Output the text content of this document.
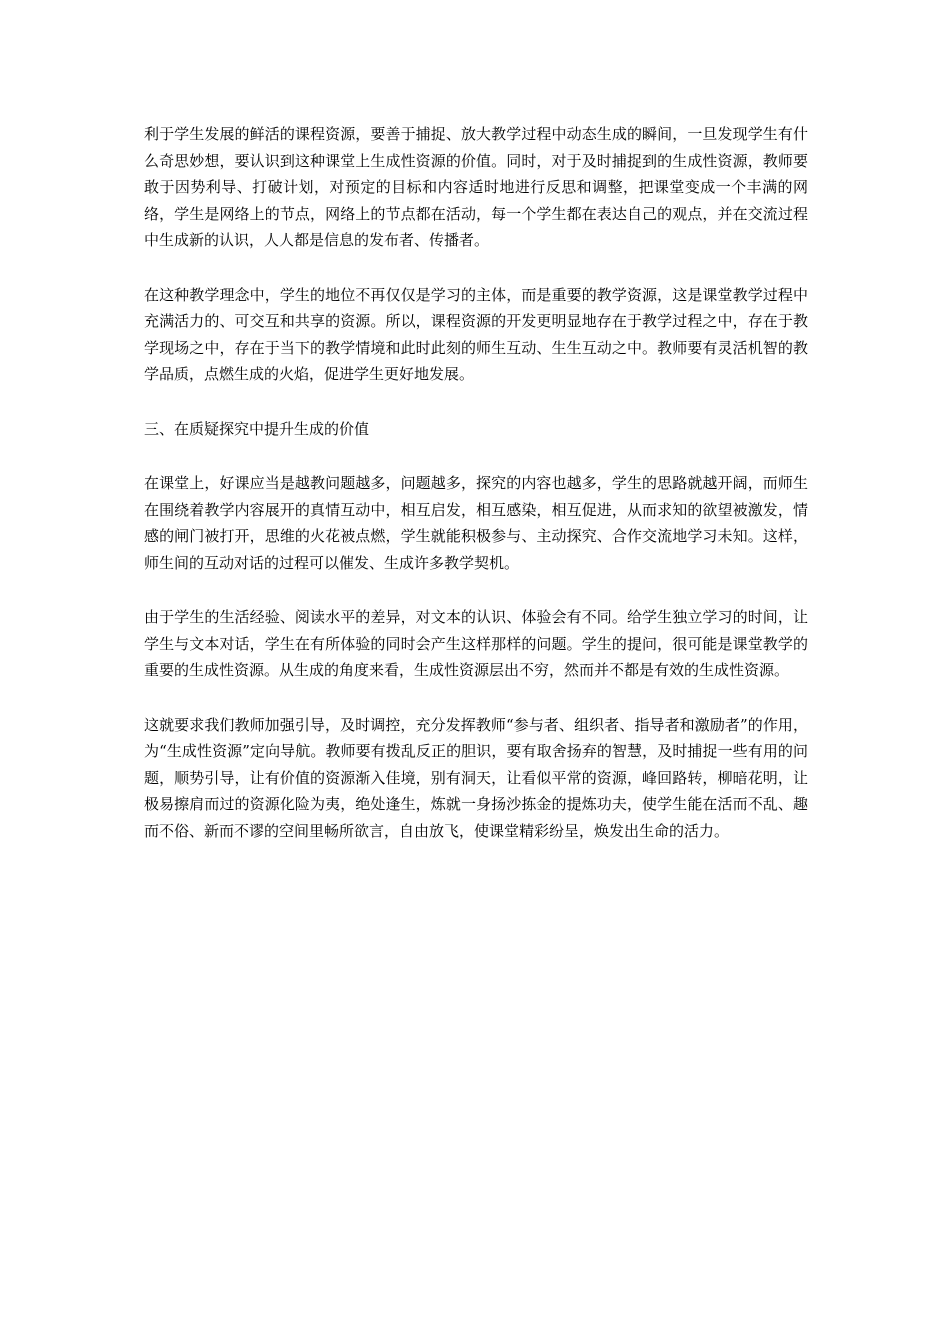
利于学生发展的鲜活的课程资源，要善于捕捉、放大教学过程中动态生成的瞬间，一旦发现学生有什么奇思妙想，要认识到这种课堂上生成性资源的价值。同时，对于及时捕捉到的生成性资源，教师要敢于因势利导、打破计划，对预定的目标和内容适时地进行反思和调整，把课堂变成一个丰满的网络，学生是网络上的节点，网络上的节点都在活动，每一个学生都在表达自己的观点，并在交流过程中生成新的认识，人人都是信息的发布者、传播者。

在这种教学理念中，学生的地位不再仅仅是学习的主体，而是重要的教学资源，这是课堂教学过程中充满活力的、可交互和共享的资源。所以，课程资源的开发更明显地存在于教学过程之中，存在于教学现场之中，存在于当下的教学情境和此时此刻的师生互动、生生互动之中。教师要有灵活机智的教学品质，点燃生成的火焰，促进学生更好地发展。

三、在质疑探究中提升生成的价值

在课堂上，好课应当是越教问题越多，问题越多，探究的内容也越多，学生的思路就越开阔，而师生在围绕着教学内容展开的真情互动中，相互启发，相互感染，相互促进，从而求知的欲望被激发，情感的闸门被打开，思维的火花被点燃，学生就能积极参与、主动探究、合作交流地学习未知。这样，师生间的互动对话的过程可以催发、生成许多教学契机。

由于学生的生活经验、阅读水平的差异，对文本的认识、体验会有不同。给学生独立学习的时间，让学生与文本对话，学生在有所体验的同时会产生这样那样的问题。学生的提问，很可能是课堂教学的重要的生成性资源。从生成的角度来看，生成性资源层出不穷，然而并不都是有效的生成性资源。

这就要求我们教师加强引导，及时调控，充分发挥教师“参与者、组织者、指导者和激励者”的作用，为“生成性资源”定向导航。教师要有拨乱反正的胆识，要有取舍扬弃的智慧，及时捕捉一些有用的问题，顺势引导，让有价值的资源渐入佳境，别有洞天，让看似平常的资源，峰回路转，柳暗花明，让极易擦肩而过的资源化险为夷，绝处逢生，炼就一身扬沙拣金的提炼功夫，使学生能在活而不乱、趣而不俗、新而不谬的空间里畅所欲言，自由放飞，使课堂精彩纷呈，焕发出生命的活力。
